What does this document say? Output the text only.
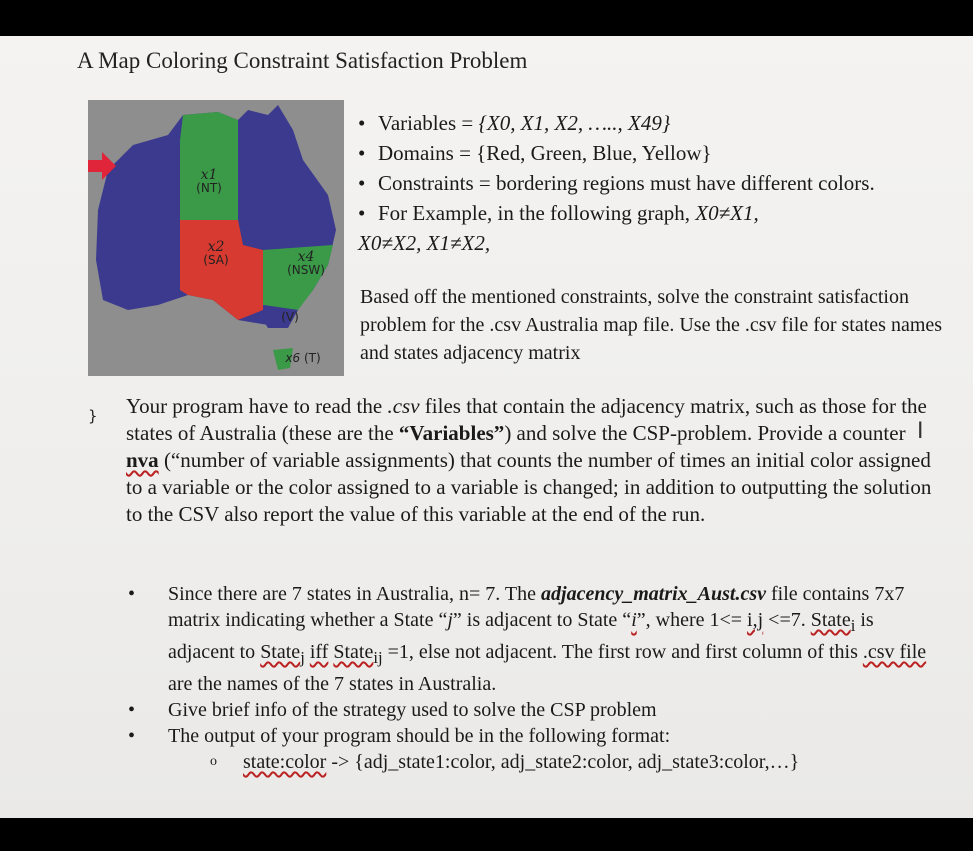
A Map Coloring Constraint Satisfaction Problem
x1
(NT)
x2
(SA)	x4
(NSW)
(V)
x6 (T)
}
• Variables = {X0, X1, X2, ….., X49}
• Domains = {Red, Green, Blue, Yellow}
• Constraints = bordering regions must have different colors.
• For Example, in the following graph, X0≠X1,
X0≠X2, X1≠X2,
Based off the mentioned constraints, solve the constraint satisfaction problem for the .csv Australia map file. Use the .csv file for states names and states adjacency matrix
Your program have to read the .csv files that contain the adjacency matrix, such as those for the states of Australia (these are the “Variables”) and solve the CSP-problem. Provide a counter nva (“number of variable assignments) that counts the number of times an initial color assigned to a variable or the color assigned to a variable is changed; in addition to outputting the solution to the CSV also report the value of this variable at the end of the run.
I
• Since there are 7 states in Australia, n= 7. The adjacency_matrix_Aust.csv file contains 7x7 matrix indicating whether a State “j” is adjacent to State “i”, where 1<= i,j <=7. State$_i$ is adjacent to State$_j$ iff State$_{ij}$ =1, else not adjacent. The first row and first column of this .csv file are the names of the 7 states in Australia.
• Give brief info of the strategy used to solve the CSP problem
• The output of your program should be in the following format:
o state:color -> {adj_state1:color, adj_state2:color, adj_state3:color,…}
